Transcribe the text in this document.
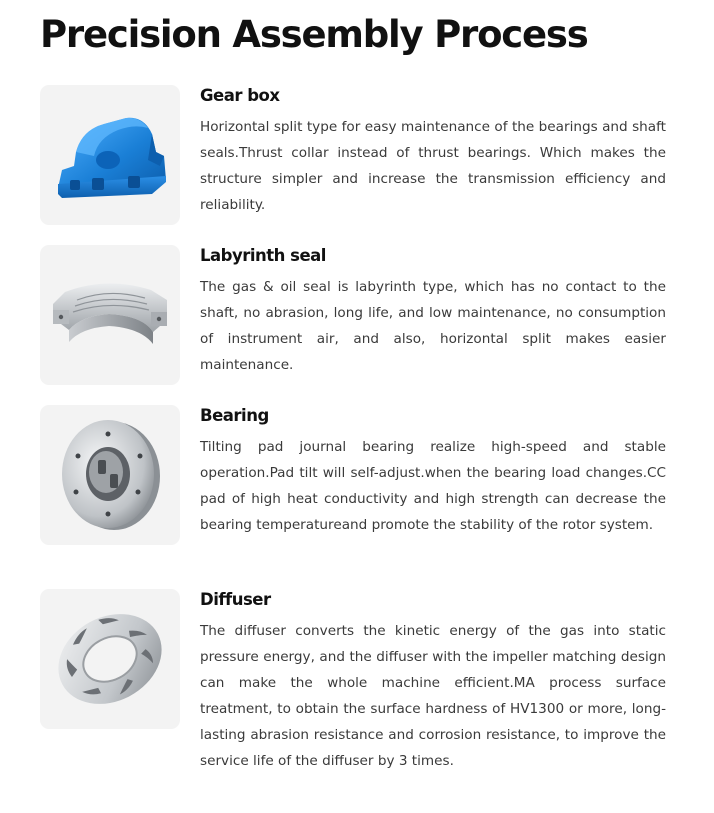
Precision Assembly Process
Gear box

Horizontal split type for easy maintenance of the bearings and shaft seals.Thrust collar instead of thrust bearings. Which makes the structure simpler and increase the transmission efficiency and reliability.

Labyrinth seal

The gas & oil seal is labyrinth type, which has no contact to the shaft, no abrasion, long life, and low maintenance, no consumption of instrument air, and also, horizontal split makes easier maintenance.

Bearing

Tilting pad journal bearing realize high-speed and stable operation.Pad tilt will self-adjust.when the bearing load changes.CC pad of high heat conductivity and high strength can decrease the bearing temperatureand promote the stability of the rotor system.

Diffuser

The diffuser converts the kinetic energy of the gas into static pressure energy, and the diffuser with the impeller matching design can make the whole machine efficient.MA process surface treatment, to obtain the surface hardness of HV1300 or more, long-lasting abrasion resistance and corrosion resistance, to improve the service life of the diffuser by 3 times.
